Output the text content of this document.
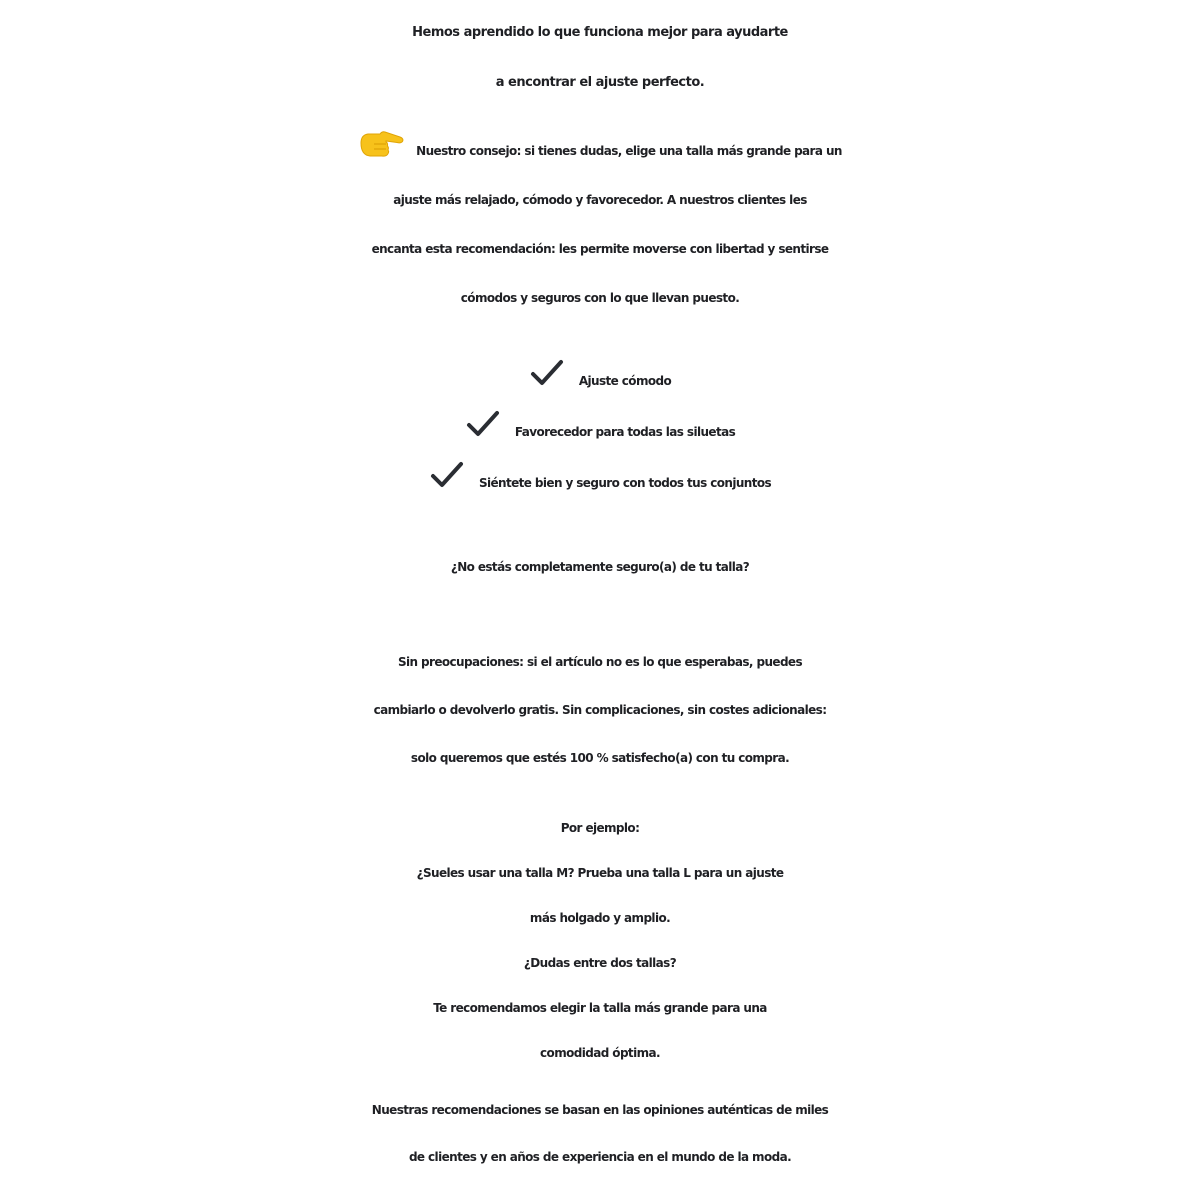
Hemos aprendido lo que funciona mejor para ayudarte
a encontrar el ajuste perfecto.
Nuestro consejo: si tienes dudas, elige una talla más grande para un
ajuste más relajado, cómodo y favorecedor. A nuestros clientes les
encanta esta recomendación: les permite moverse con libertad y sentirse
cómodos y seguros con lo que llevan puesto.
Ajuste cómodo
Favorecedor para todas las siluetas
Siéntete bien y seguro con todos tus conjuntos
¿No estás completamente seguro(a) de tu talla?
Sin preocupaciones: si el artículo no es lo que esperabas, puedes
cambiarlo o devolverlo gratis. Sin complicaciones, sin costes adicionales:
solo queremos que estés 100 % satisfecho(a) con tu compra.
Por ejemplo:
¿Sueles usar una talla M? Prueba una talla L para un ajuste
más holgado y amplio.
¿Dudas entre dos tallas?
Te recomendamos elegir la talla más grande para una
comodidad óptima.
Nuestras recomendaciones se basan en las opiniones auténticas de miles
de clientes y en años de experiencia en el mundo de la moda.
